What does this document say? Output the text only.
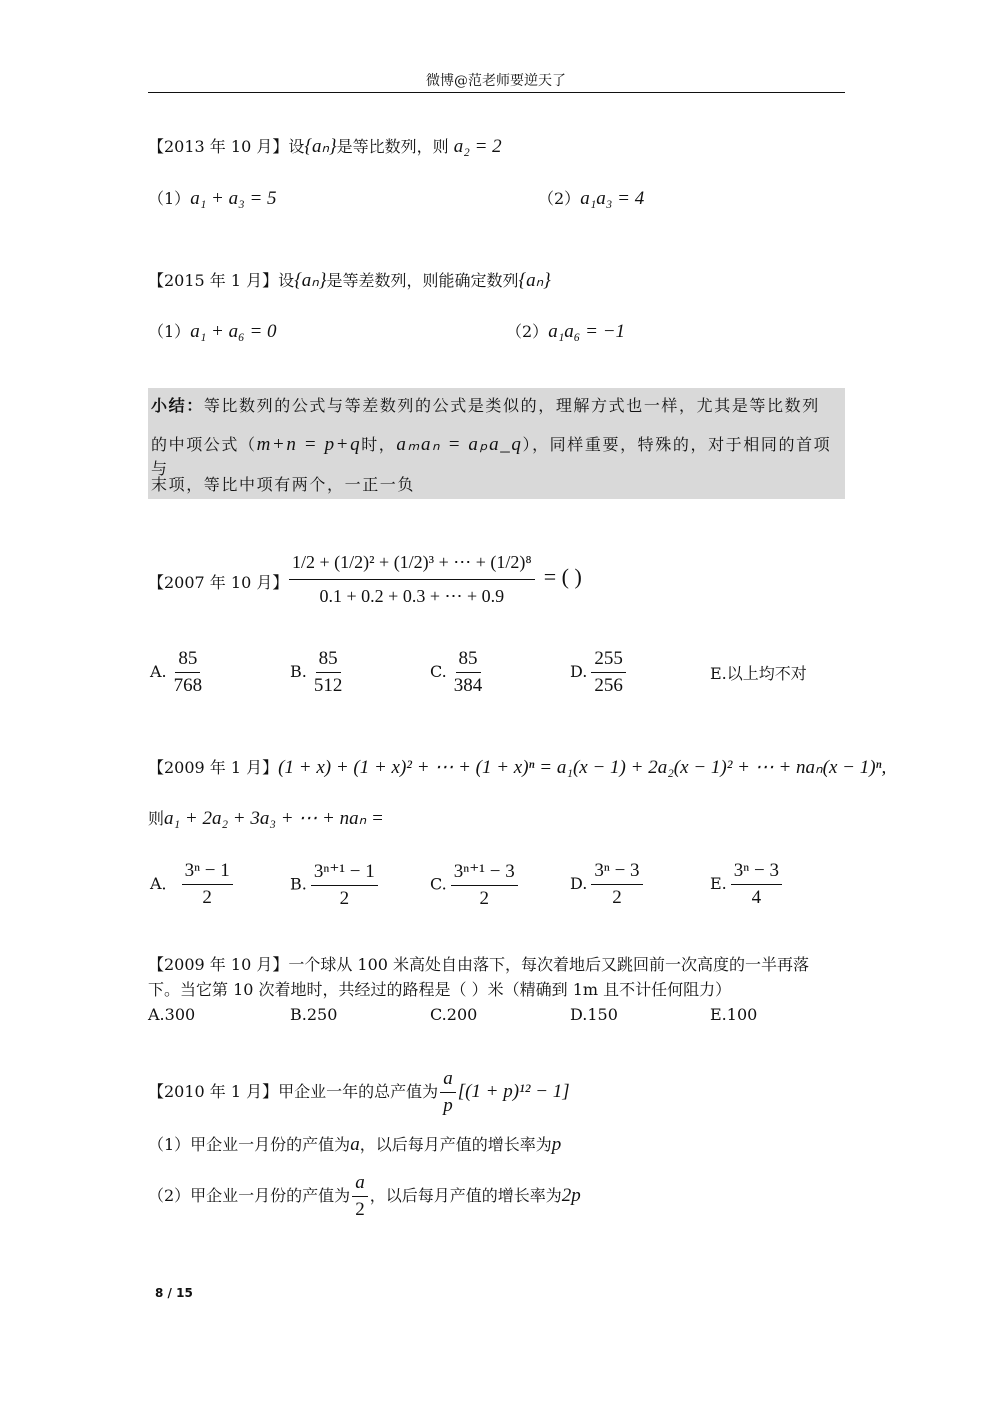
微博@范老师要逆天了
【2013 年 10 月】设{aₙ}是等比数列，则 a₂ = 2
（1）a₁ + a₃ = 5	（2）a₁a₃ = 4
【2015 年 1 月】设{aₙ}是等差数列，则能确定数列{aₙ}
（1）a₁ + a₆ = 0	（2）a₁a₆ = −1
小结：等比数列的公式与等差数列的公式是类似的，理解方式也一样，尤其是等比数列
的中项公式（m+n = p+q时，aₘaₙ = aₚa_q），同样重要，特殊的，对于相同的首项与
末项，等比中项有两个，一正一负
【2007 年 10 月】 $\frac{\text{1/2 + (1/2)² + (1/2)³ + ⋯ + (1/2)⁸}}{0.1 + 0.2 + 0.3 + \cdots + 0.9}$ = ( )
A. $\frac{85}{768}$	B. $\frac{85}{512}$	C. $\frac{85}{384}$	D. $\frac{255}{256}$	E.以上均不对
【2009 年 1 月】(1 + x) + (1 + x)² + ⋯ + (1 + x)ⁿ = a₁(x − 1) + 2a₂(x − 1)² + ⋯ + naₙ(x − 1)ⁿ,
则a₁ + 2a₂ + 3a₃ + ⋯ + naₙ =
A． $\frac{\text{3ⁿ − 1}}{2}$	B. $\frac{\text{3ⁿ⁺¹ − 1}}{2}$	C. $\frac{\text{3ⁿ⁺¹ − 3}}{2}$	D. $\frac{\text{3ⁿ − 3}}{2}$	E. $\frac{\text{3ⁿ − 3}}{4}$
【2009 年 10 月】一个球从 100 米高处自由落下，每次着地后又跳回前一次高度的一半再落
下。当它第 10 次着地时，共经过的路程是（ ）米（精确到 1m 且不计任何阻力）
A.300	B.250	C.200	D.150	E.100
【2010 年 1 月】甲企业一年的总产值为 $\frac{a}{p} [(1 + p)^{12} - 1]$
（1）甲企业一月份的产值为a，以后每月产值的增长率为p
（2）甲企业一月份的产值为 $\frac{a}{2}$ ，以后每月产值的增长率为2p
8 / 15
